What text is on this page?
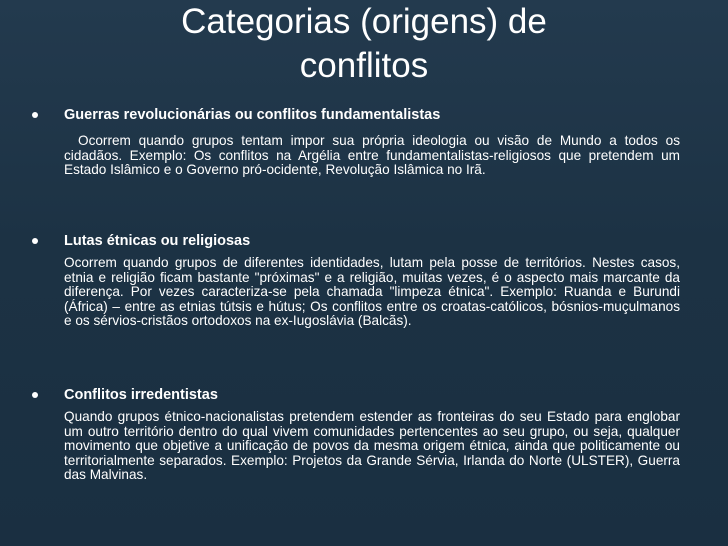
Categorias (origens) de
conflitos
Guerras revolucionárias ou conflitos fundamentalistas
Ocorrem quando grupos tentam impor sua própria ideologia ou visão de Mundo a todos os cidadãos. Exemplo: Os conflitos na Argélia entre fundamentalistas-religiosos que pretendem um Estado Islâmico e o Governo pró-ocidente, Revolução Islâmica no Irã.
Lutas étnicas ou religiosas
Ocorrem quando grupos de diferentes identidades, lutam pela posse de territórios. Nestes casos, etnia e religião ficam bastante "próximas" e a religião, muitas vezes, é o aspecto mais marcante da diferença. Por vezes caracteriza-se pela chamada "limpeza étnica". Exemplo: Ruanda e Burundi (África) – entre as etnias tútsis e hútus; Os conflitos entre os croatas-católicos, bósnios-muçulmanos e os sérvios-cristãos ortodoxos na ex-Iugoslávia (Balcãs).
Conflitos irredentistas
Quando grupos étnico-nacionalistas pretendem estender as fronteiras do seu Estado para englobar um outro território dentro do qual vivem comunidades pertencentes ao seu grupo, ou seja, qualquer movimento que objetive a unificação de povos da mesma origem étnica, ainda que politicamente ou territorialmente separados. Exemplo: Projetos da Grande Sérvia, Irlanda do Norte (ULSTER), Guerra das Malvinas.
